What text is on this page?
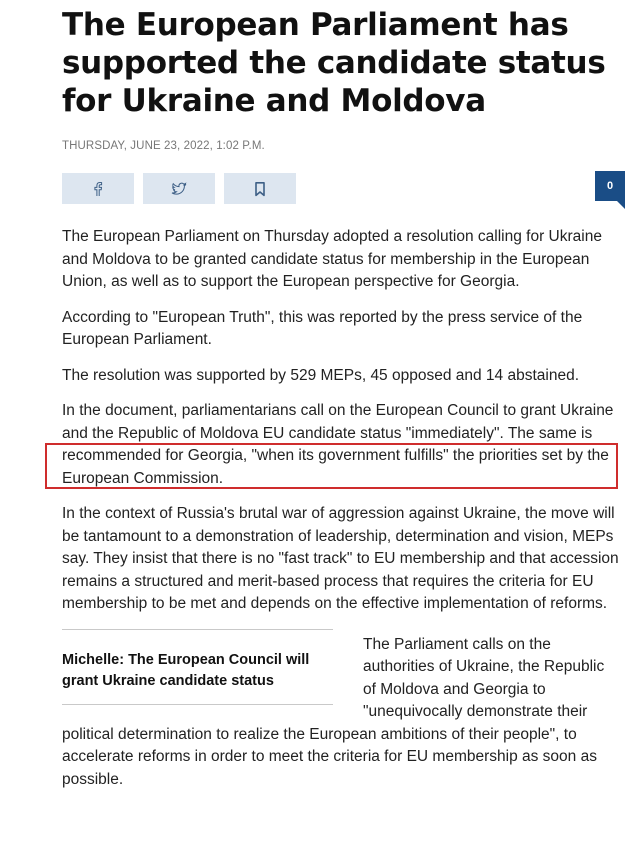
The European Parliament has supported the candidate status for Ukraine and Moldova
THURSDAY, JUNE 23, 2022, 1:02 P.M.
0

The European Parliament on Thursday adopted a resolution calling for Ukraine and Moldova to be granted candidate status for membership in the European Union, as well as to support the European perspective for Georgia.

According to "European Truth", this was reported by the press service of the European Parliament.

The resolution was supported by 529 MEPs, 45 opposed and 14 abstained.

In the document, parliamentarians call on the European Council to grant Ukraine and the Republic of Moldova EU candidate status "immediately". The same is recommended for Georgia, "when its government fulfills" the priorities set by the European Commission.

In the context of Russia's brutal war of aggression against Ukraine, the move will be tantamount to a demonstration of leadership, determination and vision, MEPs say. They insist that there is no "fast track" to EU membership and that accession remains a structured and merit-based process that requires the criteria for EU membership to be met and depends on the effective implementation of reforms.

Michelle: The European Council will grant Ukraine candidate status

The Parliament calls on the authorities of Ukraine, the Republic of Moldova and Georgia to "unequivocally demonstrate their political determination to realize the European ambitions of their people", to accelerate reforms in order to meet the criteria for EU membership as soon as possible.
